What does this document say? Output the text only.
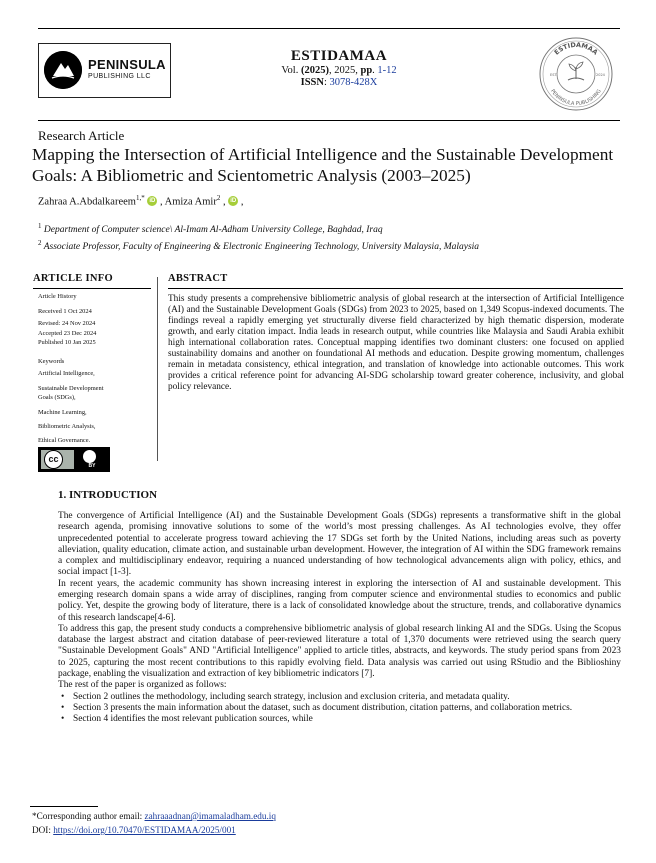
PENINSULA
PUBLISHING LLC
ESTIDAMAA
Vol. (2025), 2025, pp. 1-12
ISSN: 3078-428X
ESTIDAMAA
PENINSULA PUBLISHING
EST.	2024
Research Article
Mapping the Intersection of Artificial Intelligence and the Sustainable Development Goals: A Bibliometric and Scientometric Analysis (2003–2025)
Zahraa A.Abdalkareem$^{1,*}$ iD , Amiza Amir$^2$ , iD ,
$^1$ Department of Computer science\ Al-Imam Al-Adham University College, Baghdad, Iraq
$^2$ Associate Professor, Faculty of Engineering & Electronic Engineering Technology, University Malaysia, Malaysia
ARTICLE INFO
Article History
Received 1 Oct 2024
Revised: 24 Nov 2024
Accepted 23 Dec 2024
Published 10 Jan 2025
Keywords
Artificial Intelligence,
Sustainable Development
Goals (SDGs),
Machine Learning,
Bibliometric Analysis,
Ethical Governance.
cc
BY
ABSTRACT
This study presents a comprehensive bibliometric analysis of global research at the intersection of Artificial Intelligence (AI) and the Sustainable Development Goals (SDGs) from 2023 to 2025, based on 1,349 Scopus-indexed documents. The findings reveal a rapidly emerging yet structurally diverse field characterized by high thematic dispersion, moderate growth, and early citation impact. India leads in research output, while countries like Malaysia and Saudi Arabia exhibit high international collaboration rates. Conceptual mapping identifies two dominant clusters: one focused on applied sustainability domains and another on foundational AI methods and education. Despite growing momentum, challenges remain in metadata consistency, ethical integration, and translation of knowledge into actionable outcomes. This work provides a critical reference point for advancing AI-SDG scholarship toward greater coherence, inclusivity, and global policy relevance.
1. INTRODUCTION

The convergence of Artificial Intelligence (AI) and the Sustainable Development Goals (SDGs) represents a transformative shift in the global research agenda, promising innovative solutions to some of the world’s most pressing challenges. As AI technologies evolve, they offer unprecedented potential to accelerate progress toward achieving the 17 SDGs set forth by the United Nations, including areas such as poverty alleviation, quality education, climate action, and sustainable urban development. However, the integration of AI within the SDG framework remains a complex and multidisciplinary endeavor, requiring a nuanced understanding of how technological advancements align with policy, ethics, and social impact [1-3].

In recent years, the academic community has shown increasing interest in exploring the intersection of AI and sustainable development. This emerging research domain spans a wide array of disciplines, ranging from computer science and environmental studies to economics and public policy. Yet, despite the growing body of literature, there is a lack of consolidated knowledge about the structure, trends, and collaborative dynamics of this research landscape[4-6].

To address this gap, the present study conducts a comprehensive bibliometric analysis of global research linking AI and the SDGs. Using the Scopus database the largest abstract and citation database of peer-reviewed literature a total of 1,370 documents were retrieved using the search query "Sustainable Development Goals" AND "Artificial Intelligence" applied to article titles, abstracts, and keywords. The study period spans from 2023 to 2025, capturing the most recent contributions to this rapidly evolving field. Data analysis was carried out using RStudio and the Biblioshiny package, enabling the visualization and extraction of key bibliometric indicators [7].

The rest of the paper is organized as follows:

• Section 2 outlines the methodology, including search strategy, inclusion and exclusion criteria, and metadata quality.
• Section 3 presents the main information about the dataset, such as document distribution, citation patterns, and collaboration metrics.
• Section 4 identifies the most relevant publication sources, while
*Corresponding author email: zahraaadnan@imamaladham.edu.iq
DOI: https://doi.org/10.70470/ESTIDAMAA/2025/001
